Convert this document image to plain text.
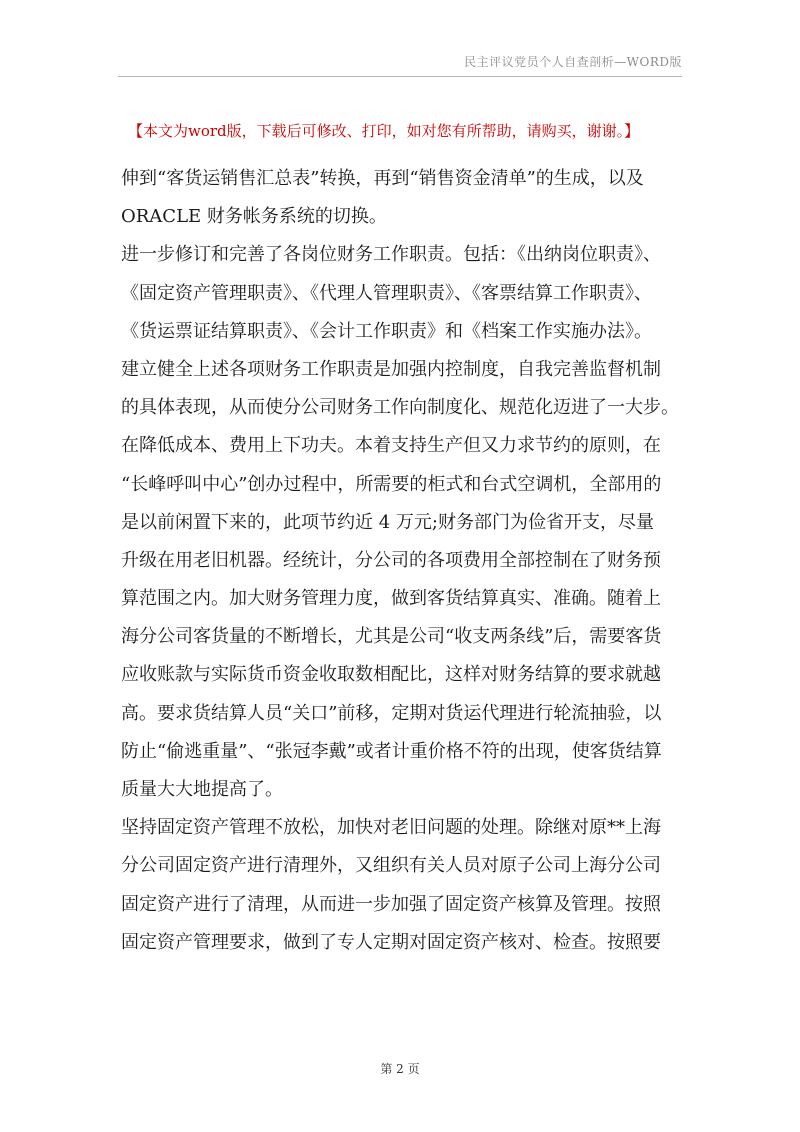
民主评议党员个人自查剖析—WORD版
【本文为word版，下载后可修改、打印，如对您有所帮助，请购买，谢谢。】
伸到“客货运销售汇总表”转换，再到“销售资金清单”的生成，以及
ORACLE 财务帐务系统的切换。
进一步修订和完善了各岗位财务工作职责。包括：《出纳岗位职责》、
《固定资产管理职责》、《代理人管理职责》、《客票结算工作职责》、
《货运票证结算职责》、《会计工作职责》和《档案工作实施办法》。
建立健全上述各项财务工作职责是加强内控制度，自我完善监督机制
的具体表现，从而使分公司财务工作向制度化、规范化迈进了一大步。
在降低成本、费用上下功夫。本着支持生产但又力求节约的原则，在
“长峰呼叫中心”创办过程中，所需要的柜式和台式空调机，全部用的
是以前闲置下来的，此项节约近 4 万元;财务部门为俭省开支，尽量
升级在用老旧机器。经统计，分公司的各项费用全部控制在了财务预
算范围之内。加大财务管理力度，做到客货结算真实、准确。随着上
海分公司客货量的不断增长，尤其是公司“收支两条线”后，需要客货
应收账款与实际货币资金收取数相配比，这样对财务结算的要求就越
高。要求货结算人员“关口”前移，定期对货运代理进行轮流抽验，以
防止“偷逃重量”、“张冠李戴”或者计重价格不符的出现，使客货结算
质量大大地提高了。
坚持固定资产管理不放松，加快对老旧问题的处理。除继对原**上海
分公司固定资产进行清理外，又组织有关人员对原子公司上海分公司
固定资产进行了清理，从而进一步加强了固定资产核算及管理。按照
固定资产管理要求，做到了专人定期对固定资产核对、检查。按照要
第 2 页
